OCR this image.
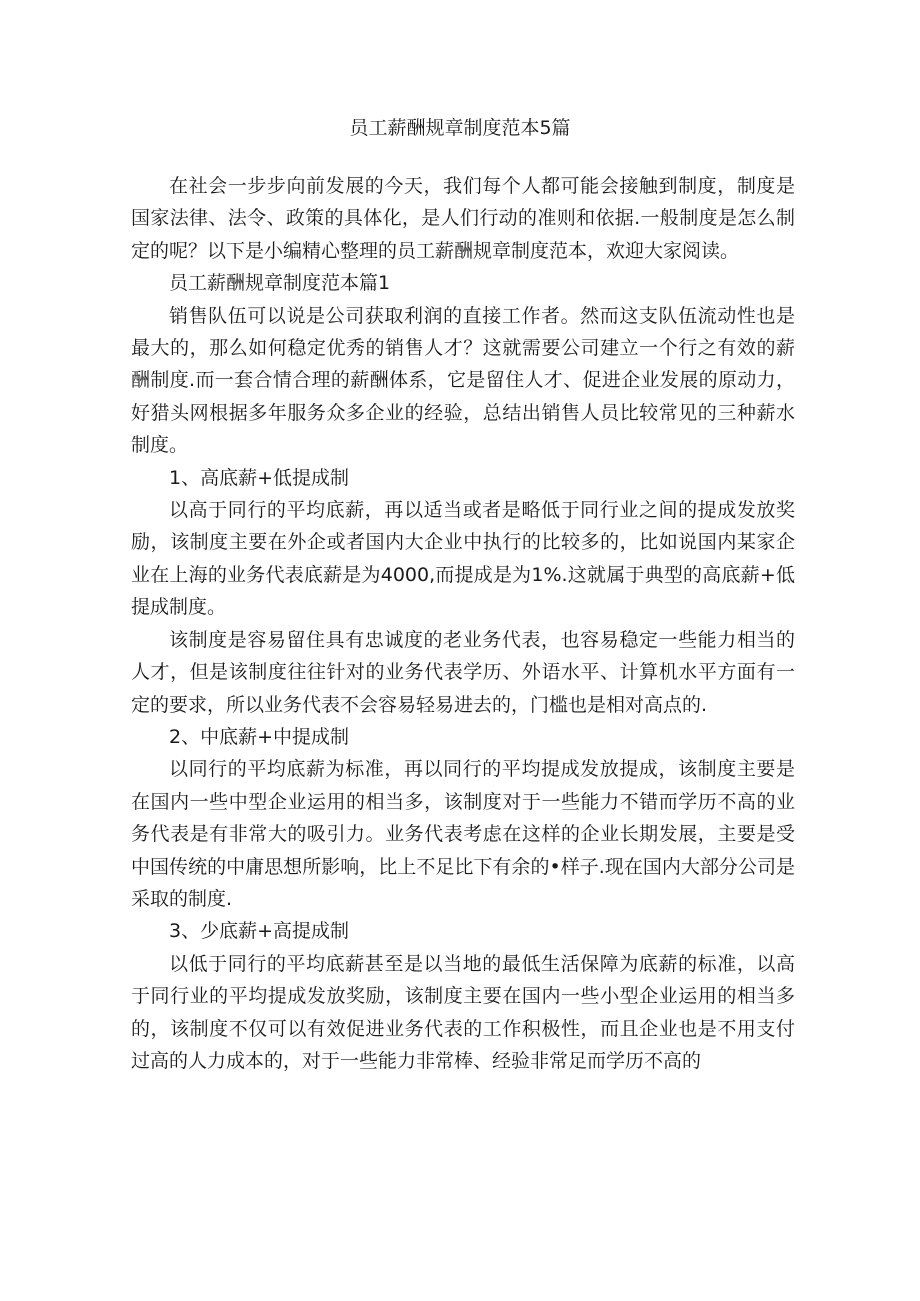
员工薪酬规章制度范本5篇

在社会一步步向前发展的今天，我们每个人都可能会接触到制度，制度是国家法律、法令、政策的具体化，是人们行动的准则和依据.一般制度是怎么制定的呢？以下是小编精心整理的员工薪酬规章制度范本，欢迎大家阅读。

员工薪酬规章制度范本篇1

销售队伍可以说是公司获取利润的直接工作者。然而这支队伍流动性也是最大的，那么如何稳定优秀的销售人才？这就需要公司建立一个行之有效的薪酬制度.而一套合情合理的薪酬体系，它是留住人才、促进企业发展的原动力，好猎头网根据多年服务众多企业的经验，总结出销售人员比较常见的三种薪水制度。

1、高底薪+低提成制

以高于同行的平均底薪，再以适当或者是略低于同行业之间的提成发放奖励，该制度主要在外企或者国内大企业中执行的比较多的，比如说国内某家企业在上海的业务代表底薪是为4000,而提成是为1%.这就属于典型的高底薪+低提成制度。

该制度是容易留住具有忠诚度的老业务代表，也容易稳定一些能力相当的人才，但是该制度往往针对的业务代表学历、外语水平、计算机水平方面有一定的要求，所以业务代表不会容易轻易进去的，门槛也是相对高点的.

2、中底薪+中提成制

以同行的平均底薪为标准，再以同行的平均提成发放提成，该制度主要是在国内一些中型企业运用的相当多，该制度对于一些能力不错而学历不高的业务代表是有非常大的吸引力。业务代表考虑在这样的企业长期发展，主要是受中国传统的中庸思想所影响，比上不足比下有余的•样子.现在国内大部分公司是采取的制度.

3、少底薪+高提成制

以低于同行的平均底薪甚至是以当地的最低生活保障为底薪的标准，以高于同行业的平均提成发放奖励，该制度主要在国内一些小型企业运用的相当多的，该制度不仅可以有效促进业务代表的工作积极性，而且企业也是不用支付过高的人力成本的，对于一些能力非常棒、经验非常足而学历不高的
